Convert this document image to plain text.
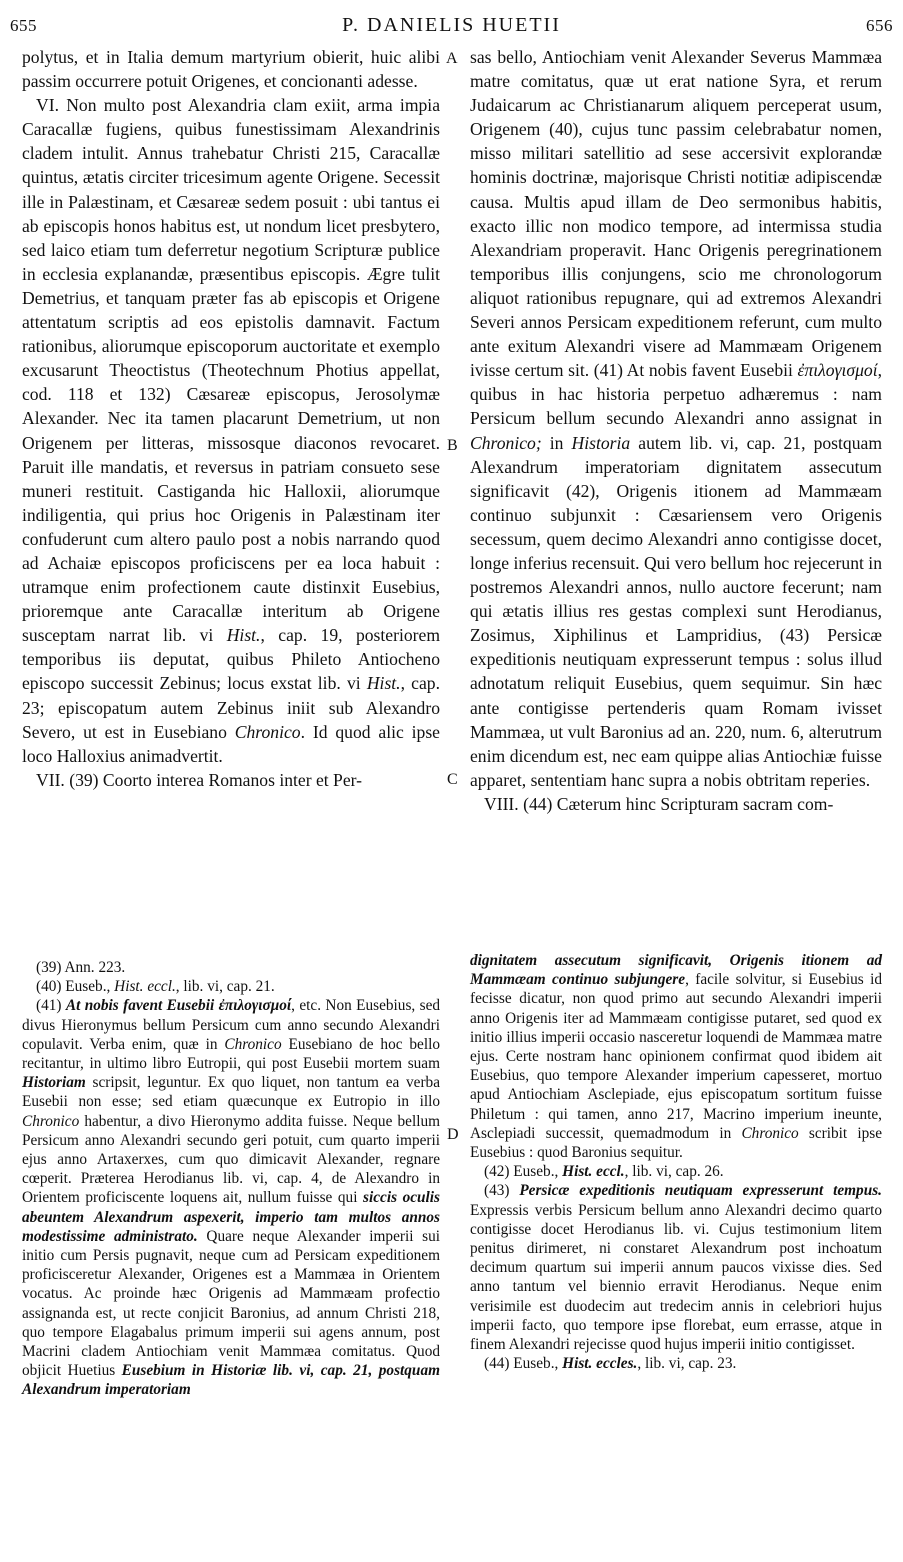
655	P. DANIELIS HUETII	656
A
B
C
D

polytus, et in Italia demum martyrium obierit, huic alibi passim occurrere potuit Origenes, et concionanti adesse.

VI. Non multo post Alexandria clam exiit, arma impia Caracallæ fugiens, quibus funestissimam Alexandrinis cladem intulit. Annus trahebatur Christi 215, Caracallæ quintus, ætatis circiter tricesimum agente Origene. Secessit ille in Palæstinam, et Cæsareæ sedem posuit : ubi tantus ei ab episcopis honos habitus est, ut nondum licet presbytero, sed laico etiam tum deferretur negotium Scripturæ publice in ecclesia explanandæ, præsentibus episcopis. Ægre tulit Demetrius, et tanquam præter fas ab episcopis et Origene attentatum scriptis ad eos epistolis damnavit. Factum rationibus, aliorumque episcoporum auctoritate et exemplo excusarunt Theoctistus (Theotechnum Photius appellat, cod. 118 et 132) Cæsareæ episcopus, Jerosolymæ Alexander. Nec ita tamen placarunt Demetrium, ut non Origenem per litteras, missosque diaconos revocaret. Paruit ille mandatis, et reversus in patriam consueto sese muneri restituit. Castiganda hic Halloxii, aliorumque indiligentia, qui prius hoc Origenis in Palæstinam iter confuderunt cum altero paulo post a nobis narrando quod ad Achaiæ episcopos proficiscens per ea loca habuit : utramque enim profectionem caute distinxit Eusebius, prioremque ante Caracallæ interitum ab Origene susceptam narrat lib. vi Hist., cap. 19, posteriorem temporibus iis deputat, quibus Phileto Antiocheno episcopo successit Zebinus; locus exstat lib. vi Hist., cap. 23; episcopatum autem Zebinus iniit sub Alexandro Severo, ut est in Eusebiano Chronico. Id quod alic ipse loco Halloxius animadvertit.

VII. (39) Coorto interea Romanos inter et Per-

sas bello, Antiochiam venit Alexander Severus Mammæa matre comitatus, quæ ut erat natione Syra, et rerum Judaicarum ac Christianarum aliquem perceperat usum, Origenem (40), cujus tunc passim celebrabatur nomen, misso militari satellitio ad sese accersivit explorandæ hominis doctrinæ, majorisque Christi notitiæ adipiscendæ causa. Multis apud illam de Deo sermonibus habitis, exacto illic non modico tempore, ad intermissa studia Alexandriam properavit. Hanc Origenis peregrinationem temporibus illis conjungens, scio me chronologorum aliquot rationibus repugnare, qui ad extremos Alexandri Severi annos Persicam expeditionem referunt, cum multo ante exitum Alexandri visere ad Mammæam Origenem ivisse certum sit. (41) At nobis favent Eusebii ἐπιλογισμοί, quibus in hac historia perpetuo adhæremus : nam Persicum bellum secundo Alexandri anno assignat in Chronico; in Historia autem lib. vi, cap. 21, postquam Alexandrum imperatoriam dignitatem assecutum significavit (42), Origenis itionem ad Mammæam continuo subjunxit : Cæsariensem vero Origenis secessum, quem decimo Alexandri anno contigisse docet, longe inferius recensuit. Qui vero bellum hoc rejecerunt in postremos Alexandri annos, nullo auctore fecerunt; nam qui ætatis illius res gestas complexi sunt Herodianus, Zosimus, Xiphilinus et Lampridius, (43) Persicæ expeditionis neutiquam expresserunt tempus : solus illud adnotatum reliquit Eusebius, quem sequimur. Sin hæc ante contigisse pertenderis quam Romam ivisset Mammæa, ut vult Baronius ad an. 220, num. 6, alterutrum enim dicendum est, nec eam quippe alias Antiochiæ fuisse apparet, sententiam hanc supra a nobis obtritam reperies.

VIII. (44) Cæterum hinc Scripturam sacram com-

(39) Ann. 223.

(40) Euseb., Hist. eccl., lib. vi, cap. 21.

(41) At nobis favent Eusebii ἐπιλογισμοί, etc. Non Eusebius, sed divus Hieronymus bellum Persicum cum anno secundo Alexandri copulavit. Verba enim, quæ in Chronico Eusebiano de hoc bello recitantur, in ultimo libro Eutropii, qui post Eusebii mortem suam Historiam scripsit, leguntur. Ex quo liquet, non tantum ea verba Eusebii non esse; sed etiam quæcunque ex Eutropio in illo Chronico habentur, a divo Hieronymo addita fuisse. Neque bellum Persicum anno Alexandri secundo geri potuit, cum quarto imperii ejus anno Artaxerxes, cum quo dimicavit Alexander, regnare cœperit. Præterea Herodianus lib. vi, cap. 4, de Alexandro in Orientem proficiscente loquens ait, nullum fuisse qui siccis oculis abeuntem Alexandrum aspexerit, imperio tam multos annos modestissime administrato. Quare neque Alexander imperii sui initio cum Persis pugnavit, neque cum ad Persicam expeditionem proficisceretur Alexander, Origenes est a Mammæa in Orientem vocatus. Ac proinde hæc Origenis ad Mammæam profectio assignanda est, ut recte conjicit Baronius, ad annum Christi 218, quo tempore Elagabalus primum imperii sui agens annum, post Macrini cladem Antiochiam venit Mammæa comitatus. Quod objicit Huetius Eusebium in Historiæ lib. vi, cap. 21, postquam Alexandrum imperatoriam

dignitatem assecutum significavit, Origenis itionem ad Mammæam continuo subjungere, facile solvitur, si Eusebius id fecisse dicatur, non quod primo aut secundo Alexandri imperii anno Origenis iter ad Mammæam contigisse putaret, sed quod ex initio illius imperii occasio nasceretur loquendi de Mammæa matre ejus. Certe nostram hanc opinionem confirmat quod ibidem ait Eusebius, quo tempore Alexander imperium capesseret, mortuo apud Antiochiam Asclepiade, ejus episcopatum sortitum fuisse Philetum : qui tamen, anno 217, Macrino imperium ineunte, Asclepiadi successit, quemadmodum in Chronico scribit ipse Eusebius : quod Baronius sequitur.

(42) Euseb., Hist. eccl., lib. vi, cap. 26.

(43) Persicæ expeditionis neutiquam expresserunt tempus. Expressis verbis Persicum bellum anno Alexandri decimo quarto contigisse docet Herodianus lib. vi. Cujus testimonium litem penitus dirimeret, ni constaret Alexandrum post inchoatum decimum quartum sui imperii annum paucos vixisse dies. Sed anno tantum vel biennio erravit Herodianus. Neque enim verisimile est duodecim aut tredecim annis in celebriori hujus imperii facto, quo tempore ipse florebat, eum errasse, atque in finem Alexandri rejecisse quod hujus imperii initio contigisset.

(44) Euseb., Hist. eccles., lib. vi, cap. 23.
